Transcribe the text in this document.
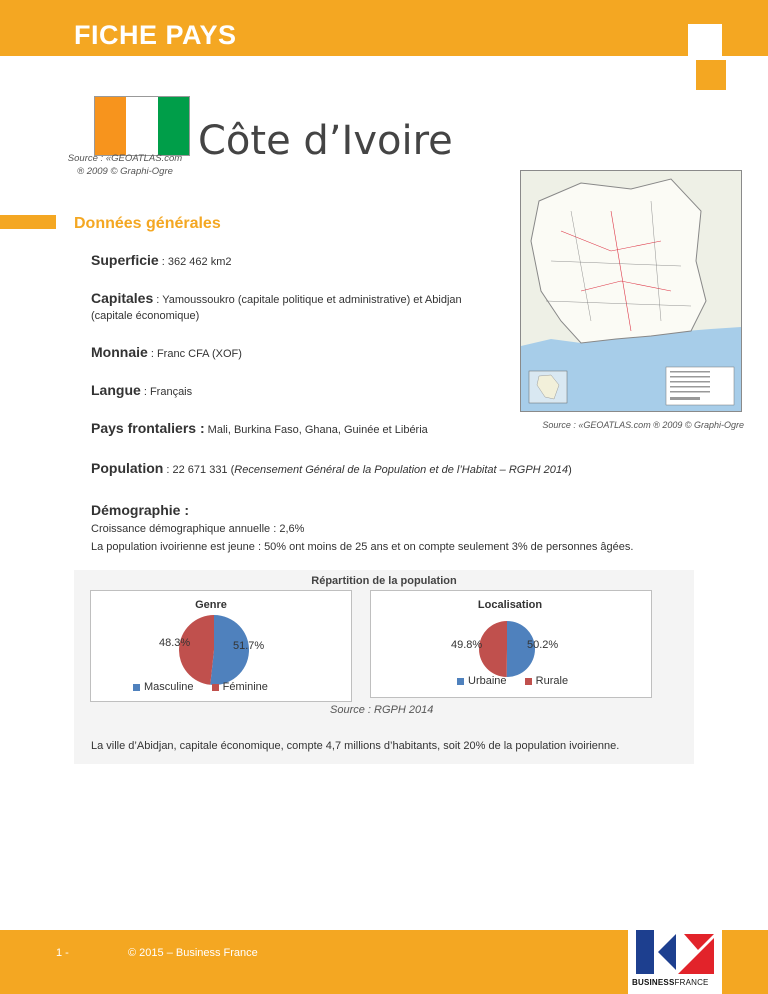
FICHE PAYS
Source : «GEOATLAS.com
® 2009 © Graphi-Ogre
Côte d’Ivoire
Source : «GEOATLAS.com ® 2009 © Graphi-Ogre
Données générales
Superficie : 362 462 km2
Capitales : Yamoussoukro (capitale politique et administrative) et Abidjan
(capitale économique)
Monnaie : Franc CFA (XOF)
Langue : Français
Pays frontaliers : Mali, Burkina Faso, Ghana, Guinée et Libéria
Population : 22 671 331 (Recensement Général de la Population et de l’Habitat – RGPH 2014)
Démographie :
Croissance démographique annuelle : 2,6%
La population ivoirienne est jeune : 50% ont moins de 25 ans et on compte seulement 3% de personnes âgées.
Répartition de la population
Genre
48.3%	51.7%
Masculine	Féminine
Localisation
49.8%	50.2%
Urbaine	Rurale
Source : RGPH 2014
La ville d’Abidjan, capitale économique, compte 4,7 millions d’habitants, soit 20% de la population ivoirienne.
1 -	© 2015 – Business France
BUSINESSFRANCE
